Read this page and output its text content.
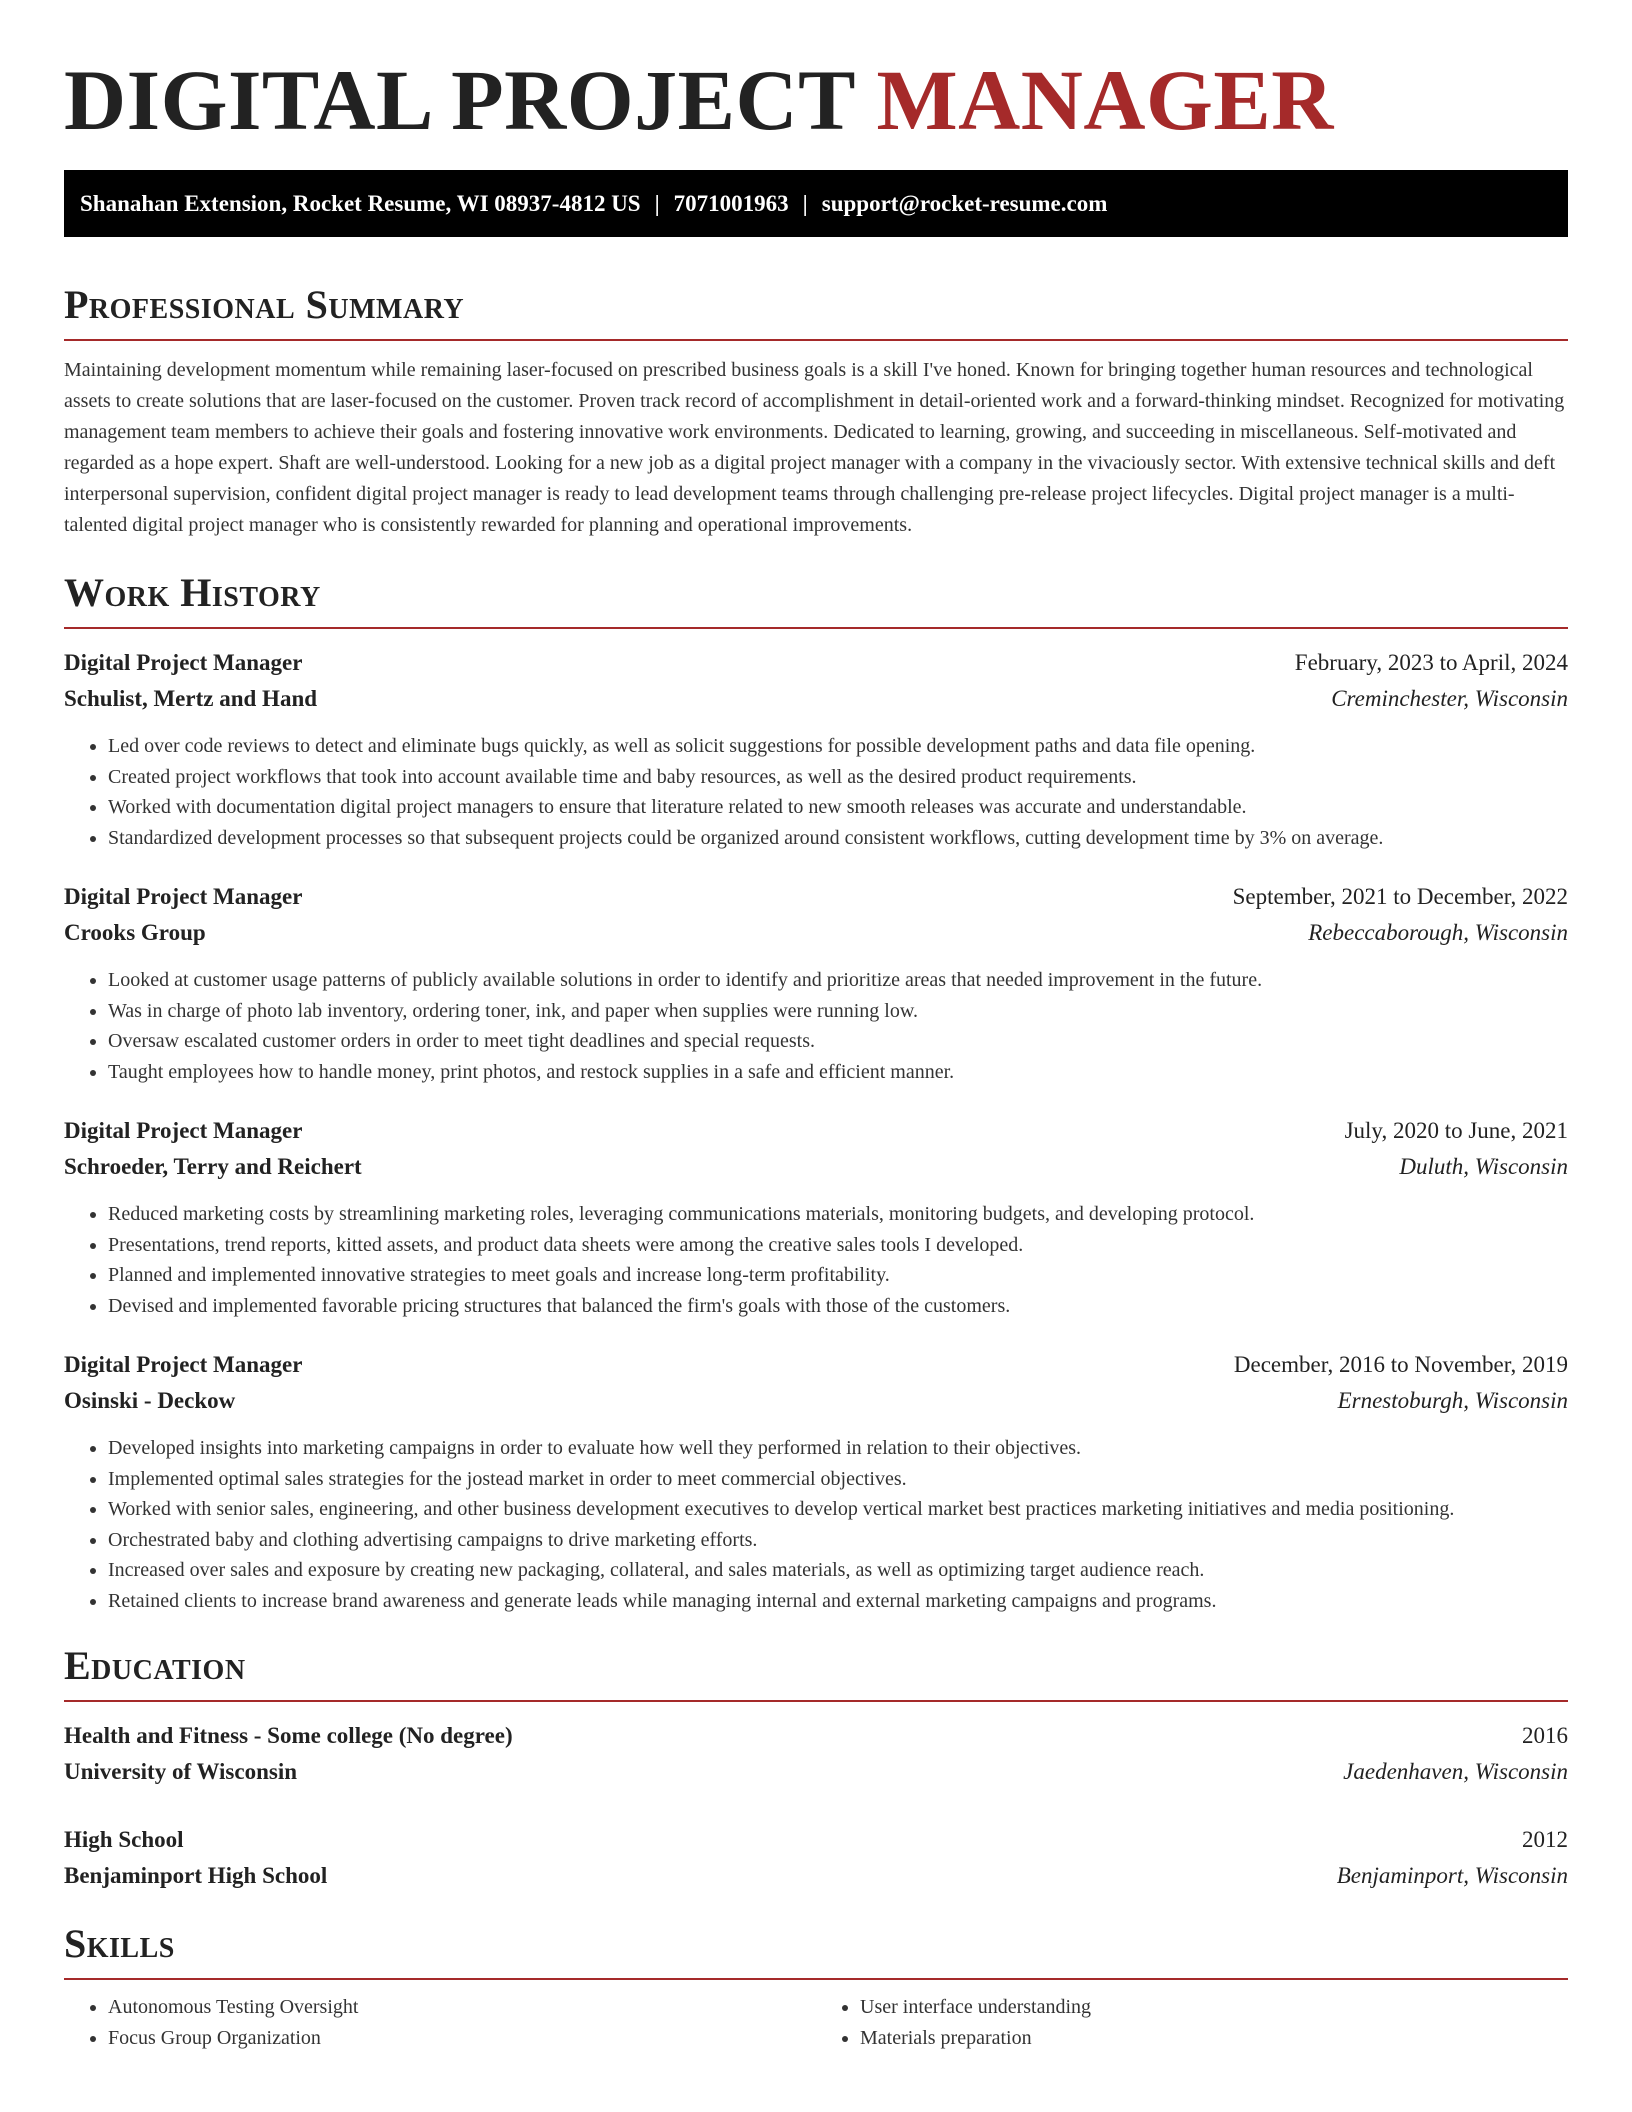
DIGITAL PROJECT MANAGER
Shanahan Extension, Rocket Resume, WI 08937-4812 US | 7071001963 | support@rocket-resume.com
Professional Summary

Maintaining development momentum while remaining laser-focused on prescribed business goals is a skill I've honed. Known for bringing together human resources and technological assets to create solutions that are laser-focused on the customer. Proven track record of accomplishment in detail-oriented work and a forward-thinking mindset. Recognized for motivating management team members to achieve their goals and fostering innovative work environments. Dedicated to learning, growing, and succeeding in miscellaneous. Self-motivated and regarded as a hope expert. Shaft are well-understood. Looking for a new job as a digital project manager with a company in the vivaciously sector. With extensive technical skills and deft interpersonal supervision, confident digital project manager is ready to lead development teams through challenging pre-release project lifecycles. Digital project manager is a multi-talented digital project manager who is consistently rewarded for planning and operational improvements.

Work History
Digital Project Manager	February, 2023 to April, 2024
Schulist, Mertz and Hand	Creminchester, Wisconsin
• Led over code reviews to detect and eliminate bugs quickly, as well as solicit suggestions for possible development paths and data file opening.
• Created project workflows that took into account available time and baby resources, as well as the desired product requirements.
• Worked with documentation digital project managers to ensure that literature related to new smooth releases was accurate and understandable.
• Standardized development processes so that subsequent projects could be organized around consistent workflows, cutting development time by 3% on average.
Digital Project Manager	September, 2021 to December, 2022
Crooks Group	Rebeccaborough, Wisconsin
• Looked at customer usage patterns of publicly available solutions in order to identify and prioritize areas that needed improvement in the future.
• Was in charge of photo lab inventory, ordering toner, ink, and paper when supplies were running low.
• Oversaw escalated customer orders in order to meet tight deadlines and special requests.
• Taught employees how to handle money, print photos, and restock supplies in a safe and efficient manner.
Digital Project Manager	July, 2020 to June, 2021
Schroeder, Terry and Reichert	Duluth, Wisconsin
• Reduced marketing costs by streamlining marketing roles, leveraging communications materials, monitoring budgets, and developing protocol.
• Presentations, trend reports, kitted assets, and product data sheets were among the creative sales tools I developed.
• Planned and implemented innovative strategies to meet goals and increase long-term profitability.
• Devised and implemented favorable pricing structures that balanced the firm's goals with those of the customers.
Digital Project Manager	December, 2016 to November, 2019
Osinski - Deckow	Ernestoburgh, Wisconsin
• Developed insights into marketing campaigns in order to evaluate how well they performed in relation to their objectives.
• Implemented optimal sales strategies for the jostead market in order to meet commercial objectives.
• Worked with senior sales, engineering, and other business development executives to develop vertical market best practices marketing initiatives and media positioning.
• Orchestrated baby and clothing advertising campaigns to drive marketing efforts.
• Increased over sales and exposure by creating new packaging, collateral, and sales materials, as well as optimizing target audience reach.
• Retained clients to increase brand awareness and generate leads while managing internal and external marketing campaigns and programs.
Education
Health and Fitness - Some college (No degree)	2016
University of Wisconsin	Jaedenhaven, Wisconsin
High School	2012
Benjaminport High School	Benjaminport, Wisconsin
Skills
• Autonomous Testing Oversight
• Focus Group Organization
• User interface understanding
• Materials preparation
